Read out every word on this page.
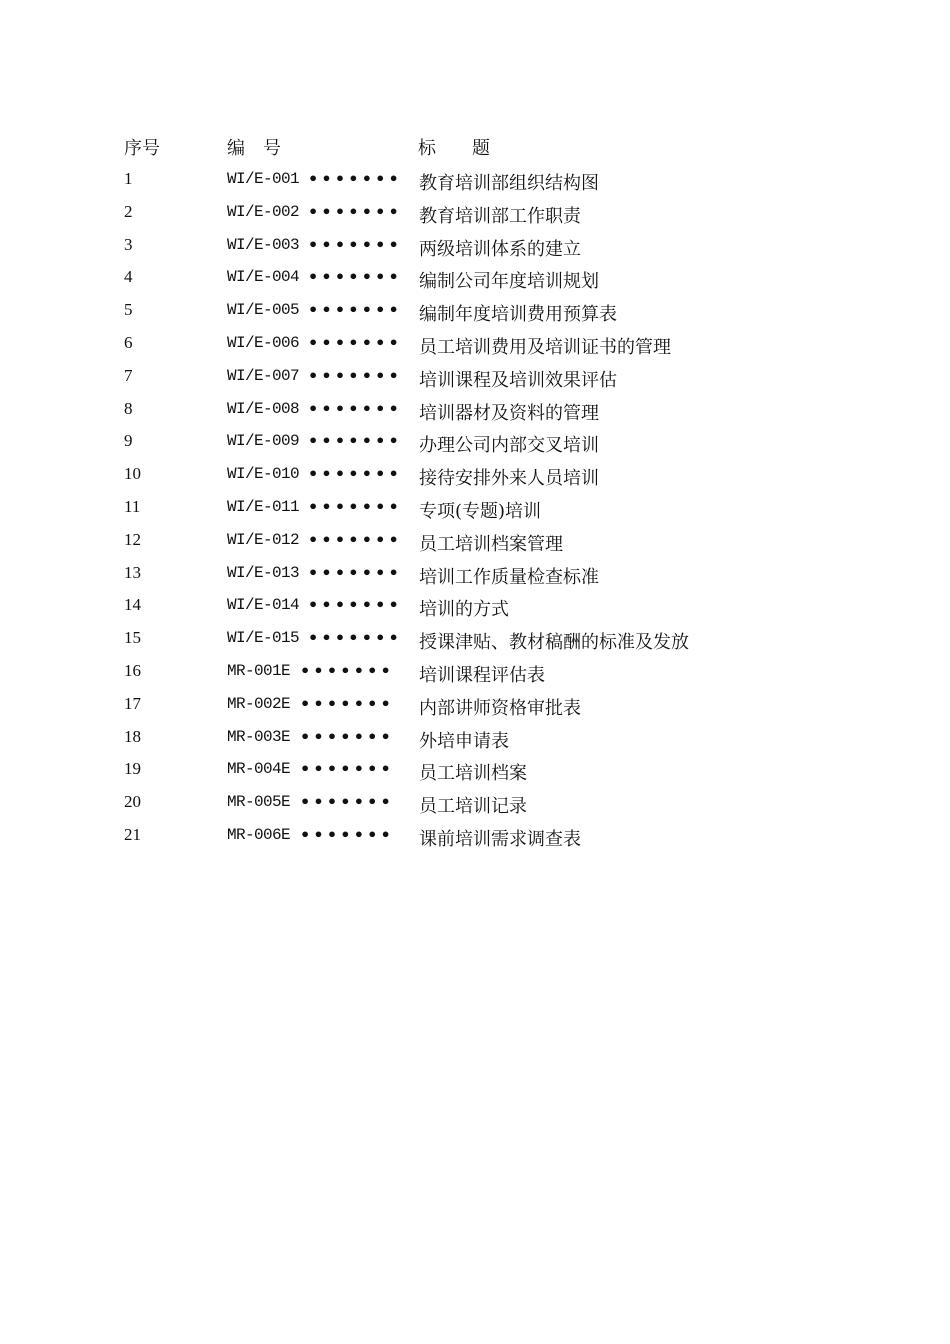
序号	编　号	标　　题
1	WI/E-001 ••••••• 教育培训部组织结构图
2	WI/E-002 ••••••• 教育培训部工作职责
3	WI/E-003 ••••••• 两级培训体系的建立
4	WI/E-004 ••••••• 编制公司年度培训规划
5	WI/E-005 ••••••• 编制年度培训费用预算表
6	WI/E-006 ••••••• 员工培训费用及培训证书的管理
7	WI/E-007 ••••••• 培训课程及培训效果评估
8	WI/E-008 ••••••• 培训器材及资料的管理
9	WI/E-009 ••••••• 办理公司内部交叉培训
10	WI/E-010 ••••••• 接待安排外来人员培训
11	WI/E-011 ••••••• 专项(专题)培训
12	WI/E-012 ••••••• 员工培训档案管理
13	WI/E-013 ••••••• 培训工作质量检查标准
14	WI/E-014 ••••••• 培训的方式
15	WI/E-015 ••••••• 授课津贴、教材稿酬的标准及发放
16	MR-001E ••••••• 培训课程评估表
17	MR-002E ••••••• 内部讲师资格审批表
18	MR-003E ••••••• 外培申请表
19	MR-004E ••••••• 员工培训档案
20	MR-005E ••••••• 员工培训记录
21	MR-006E ••••••• 课前培训需求调查表
